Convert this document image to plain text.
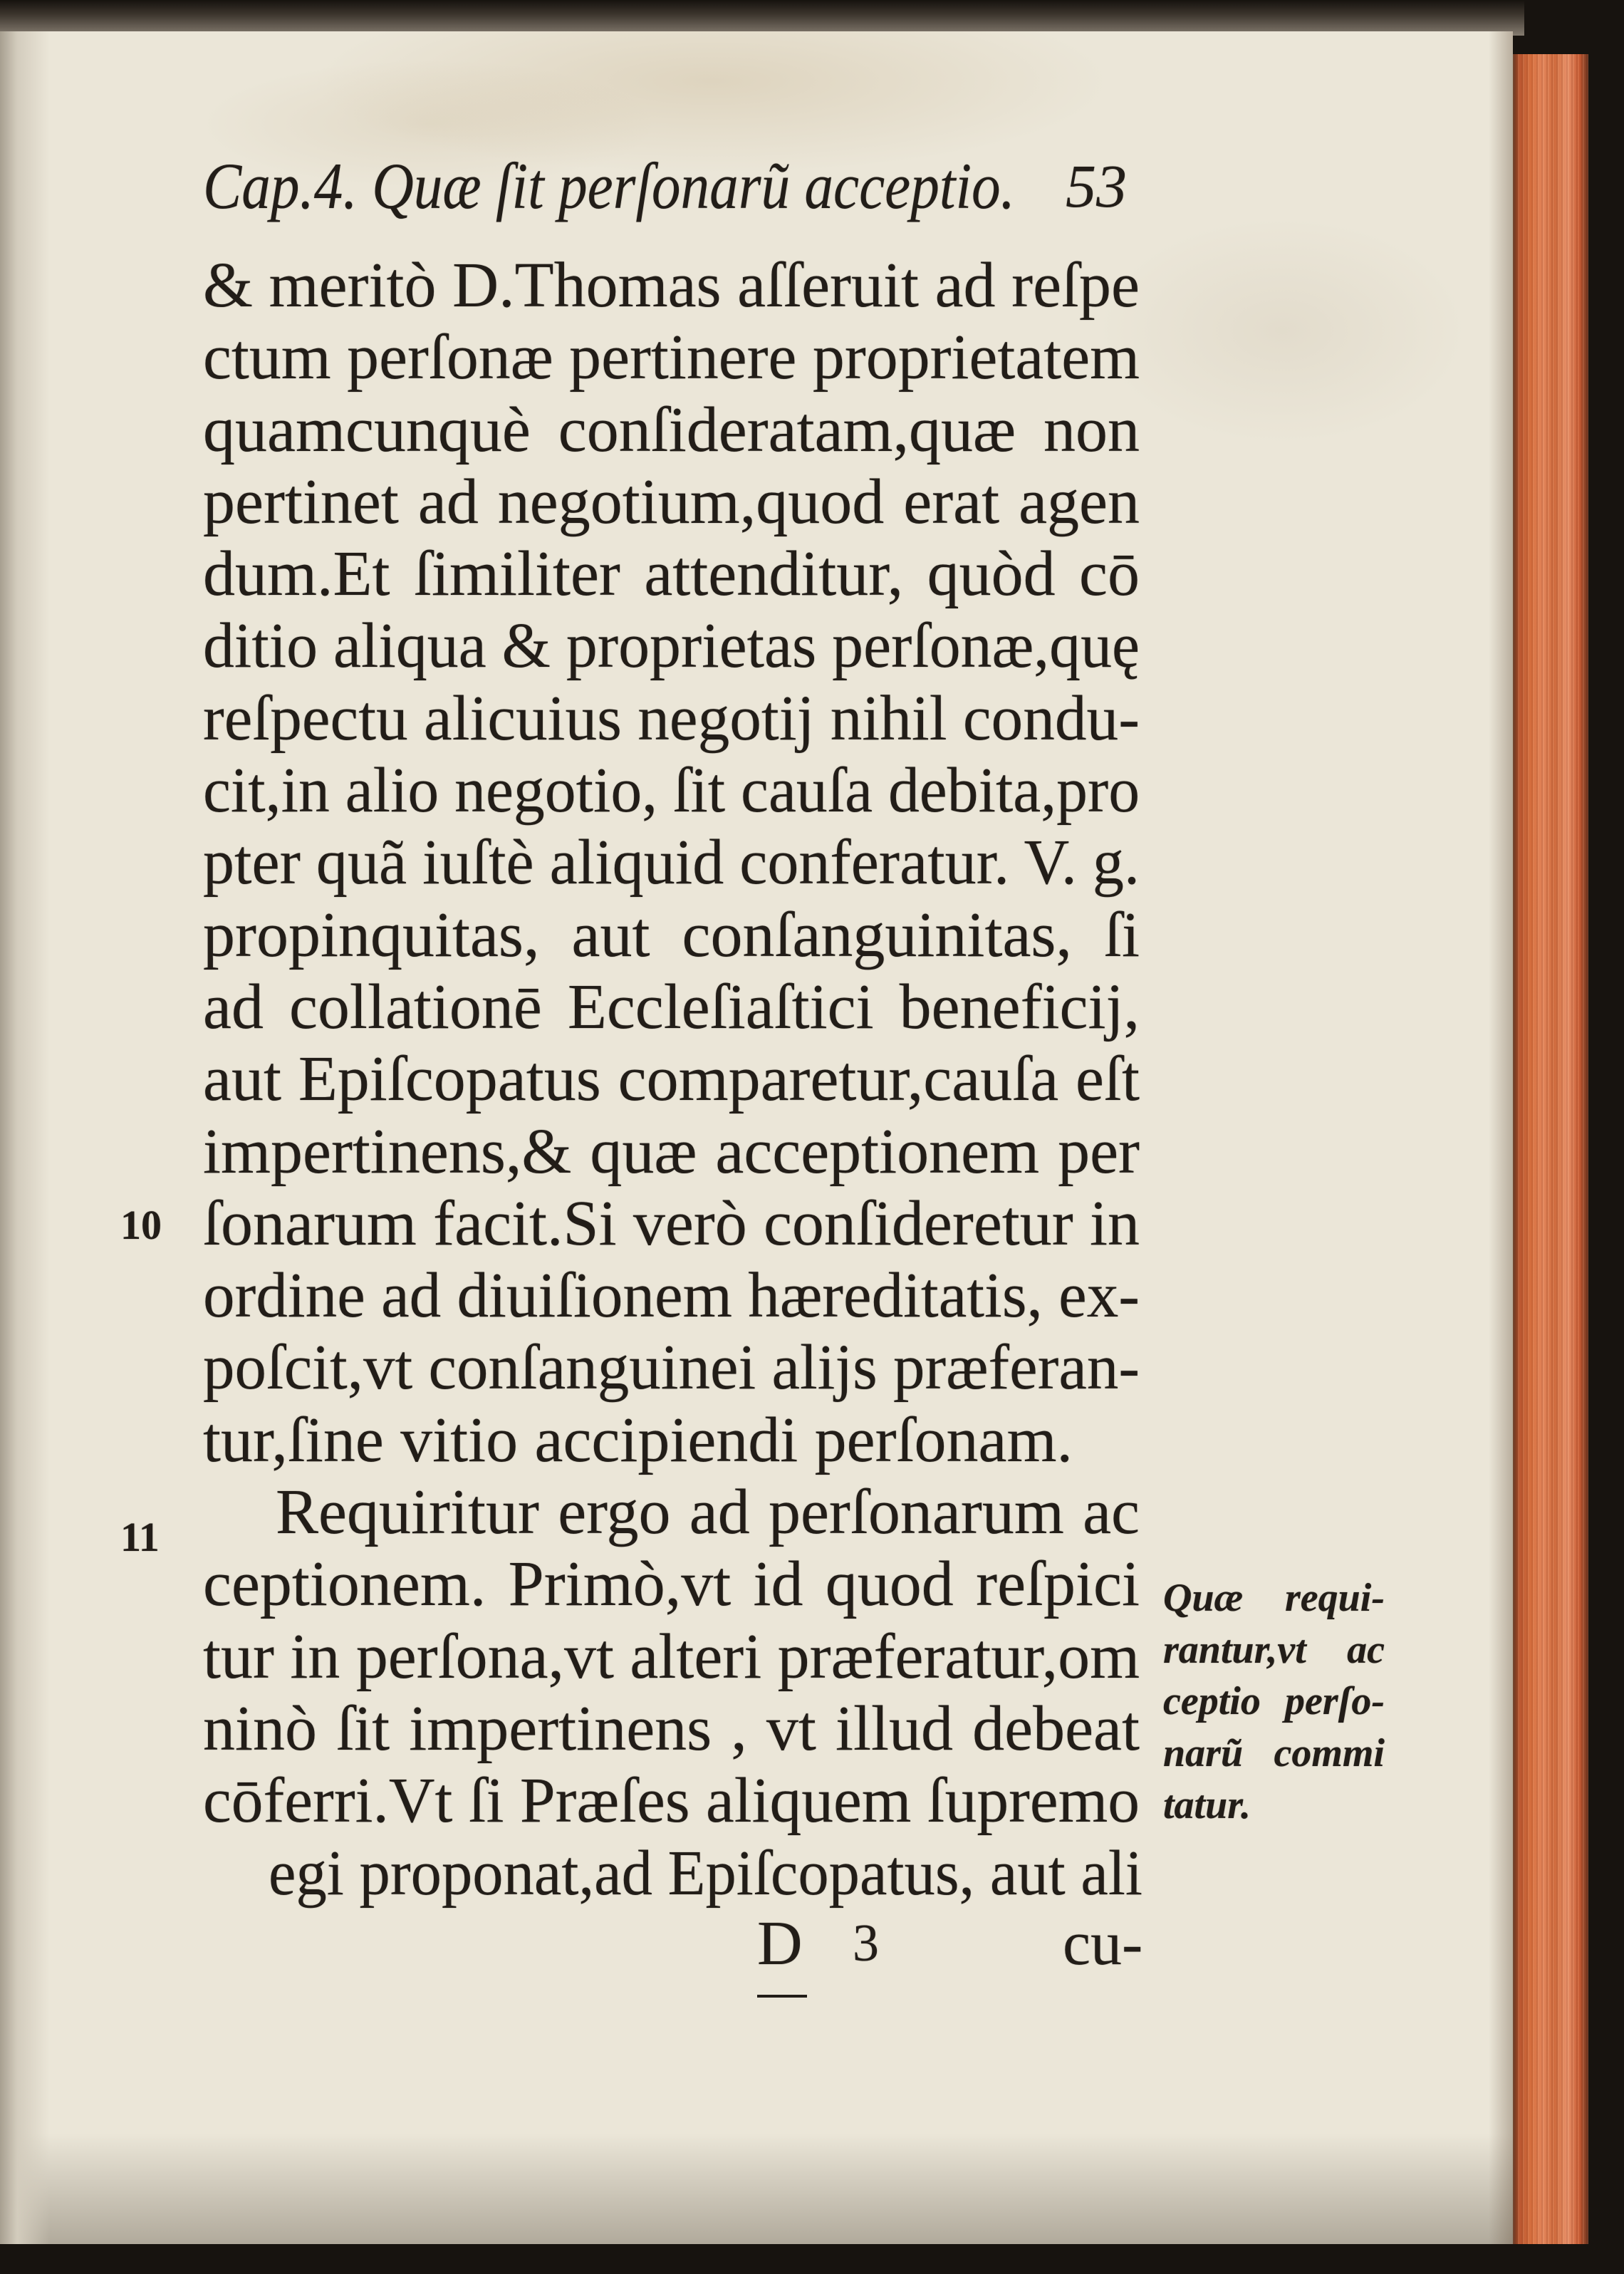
Cap.4. Quæ ſit perſonarũ acceptio. 53
& meritò D.Thomas aſſeruit ad reſpe
ctum perſonæ pertinere proprietatem
quamcunquè conſideratam,quæ non
pertinet ad negotium,quod erat agen
dum.Et ſimiliter attenditur, quòd cō
ditio aliqua & proprietas perſonæ,quę
reſpectu alicuius negotij nihil condu-
cit,in alio negotio, ſit cauſa debita,pro
pter quã iuſtè aliquid conferatur. V. g.
propinquitas, aut conſanguinitas, ſi
ad collationē Eccleſiaſtici beneficij,
aut Epiſcopatus comparetur,cauſa eſt
impertinens,& quæ acceptionem per
ſonarum facit.Si verò conſideretur in
ordine ad diuiſionem hæreditatis, ex-
poſcit,vt conſanguinei alijs præferan-
tur,ſine vitio accipiendi perſonam.
Requiritur ergo ad perſonarum ac
ceptionem. Primò,vt id quod reſpici
tur in perſona,vt alteri præferatur,om
ninò ſit impertinens , vt illud debeat
cōferri.Vt ſi Præſes aliquem ſupremo
egi proponat,ad Epiſcopatus, aut ali
10
11
Quæ requi-
rantur,vt ac
ceptio perſo-
narũ commi
tatur.
D 3	cu-
